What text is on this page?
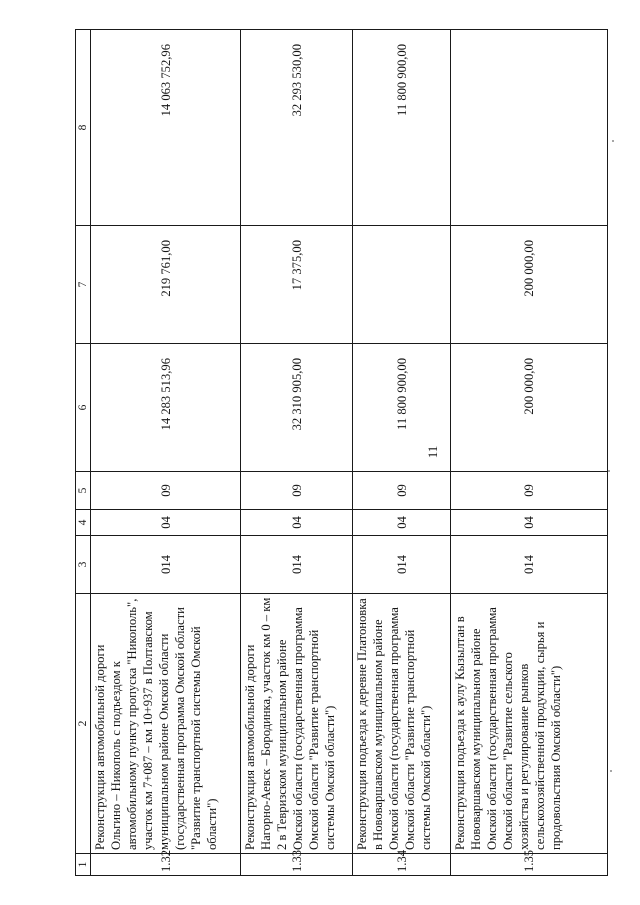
11
1	2	3	4	5	6	7	8
1.32	Реконструкция автомобильной дороги Ольгино – Никополь с подъездом к автомобильному пункту пропуска "Никополь", участок км 7+087 – км 10+937 в Полтавском муниципальном районе Омской области (государственная программа Омской области "Развитие транспортной системы Омской области")	014	04	09	14 283 513,96	219 761,00	14 063 752,96
1.33	Реконструкция автомобильной дороги Нагорно-Аевск – Бородинка, участок км 0 – км 2 в Тевризском муниципальном районе Омской области (государственная программа Омской области "Развитие транспортной системы Омской области")	014	04	09	32 310 905,00	17 375,00	32 293 530,00
1.34	Реконструкция подъезда к деревне Платоновка в Нововаршавском муниципальном районе Омской области (государственная программа Омской области "Развитие транспортной системы Омской области")	014	04	09	11 800 900,00		11 800 900,00
1.35	Реконструкция подъезда к аулу Кызылтан в Нововаршавском муниципальном районе Омской области (государственная программа Омской области "Развитие сельского хозяйства и регулирование рынков сельскохозяйственной продукции, сырья и продовольствия Омской области")	014	04	09	200 000,00	200 000,00	
